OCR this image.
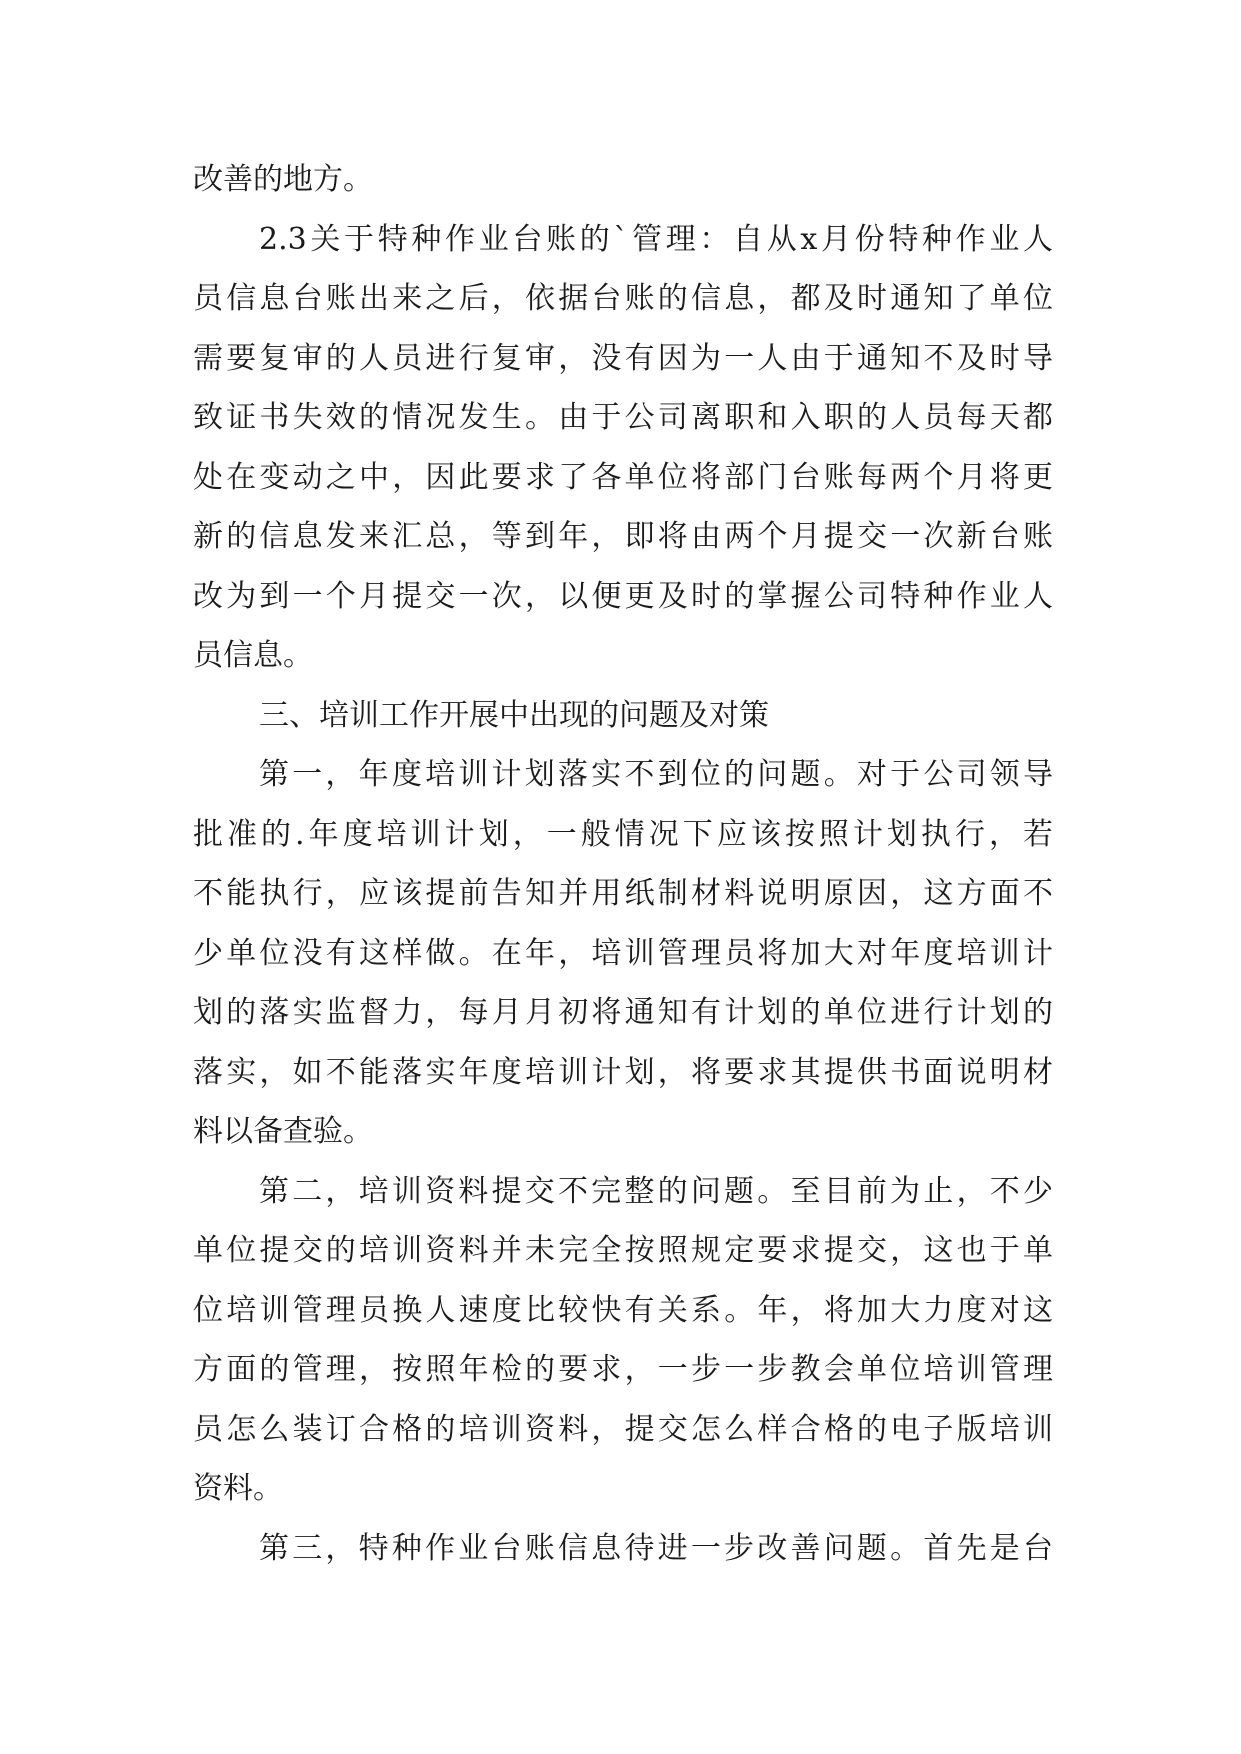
改善的地方。
2.3关于特种作业台账的`管理：自从x月份特种作业人
员信息台账出来之后，依据台账的信息，都及时通知了单位
需要复审的人员进行复审，没有因为一人由于通知不及时导
致证书失效的情况发生。由于公司离职和入职的人员每天都
处在变动之中，因此要求了各单位将部门台账每两个月将更
新的信息发来汇总，等到年，即将由两个月提交一次新台账
改为到一个月提交一次，以便更及时的掌握公司特种作业人
员信息。
三、培训工作开展中出现的问题及对策
第一，年度培训计划落实不到位的问题。对于公司领导
批准的.年度培训计划，一般情况下应该按照计划执行，若
不能执行，应该提前告知并用纸制材料说明原因，这方面不
少单位没有这样做。在年，培训管理员将加大对年度培训计
划的落实监督力，每月月初将通知有计划的单位进行计划的
落实，如不能落实年度培训计划，将要求其提供书面说明材
料以备查验。
第二，培训资料提交不完整的问题。至目前为止，不少
单位提交的培训资料并未完全按照规定要求提交，这也于单
位培训管理员换人速度比较快有关系。年，将加大力度对这
方面的管理，按照年检的要求，一步一步教会单位培训管理
员怎么装订合格的培训资料，提交怎么样合格的电子版培训
资料。
第三，特种作业台账信息待进一步改善问题。首先是台
